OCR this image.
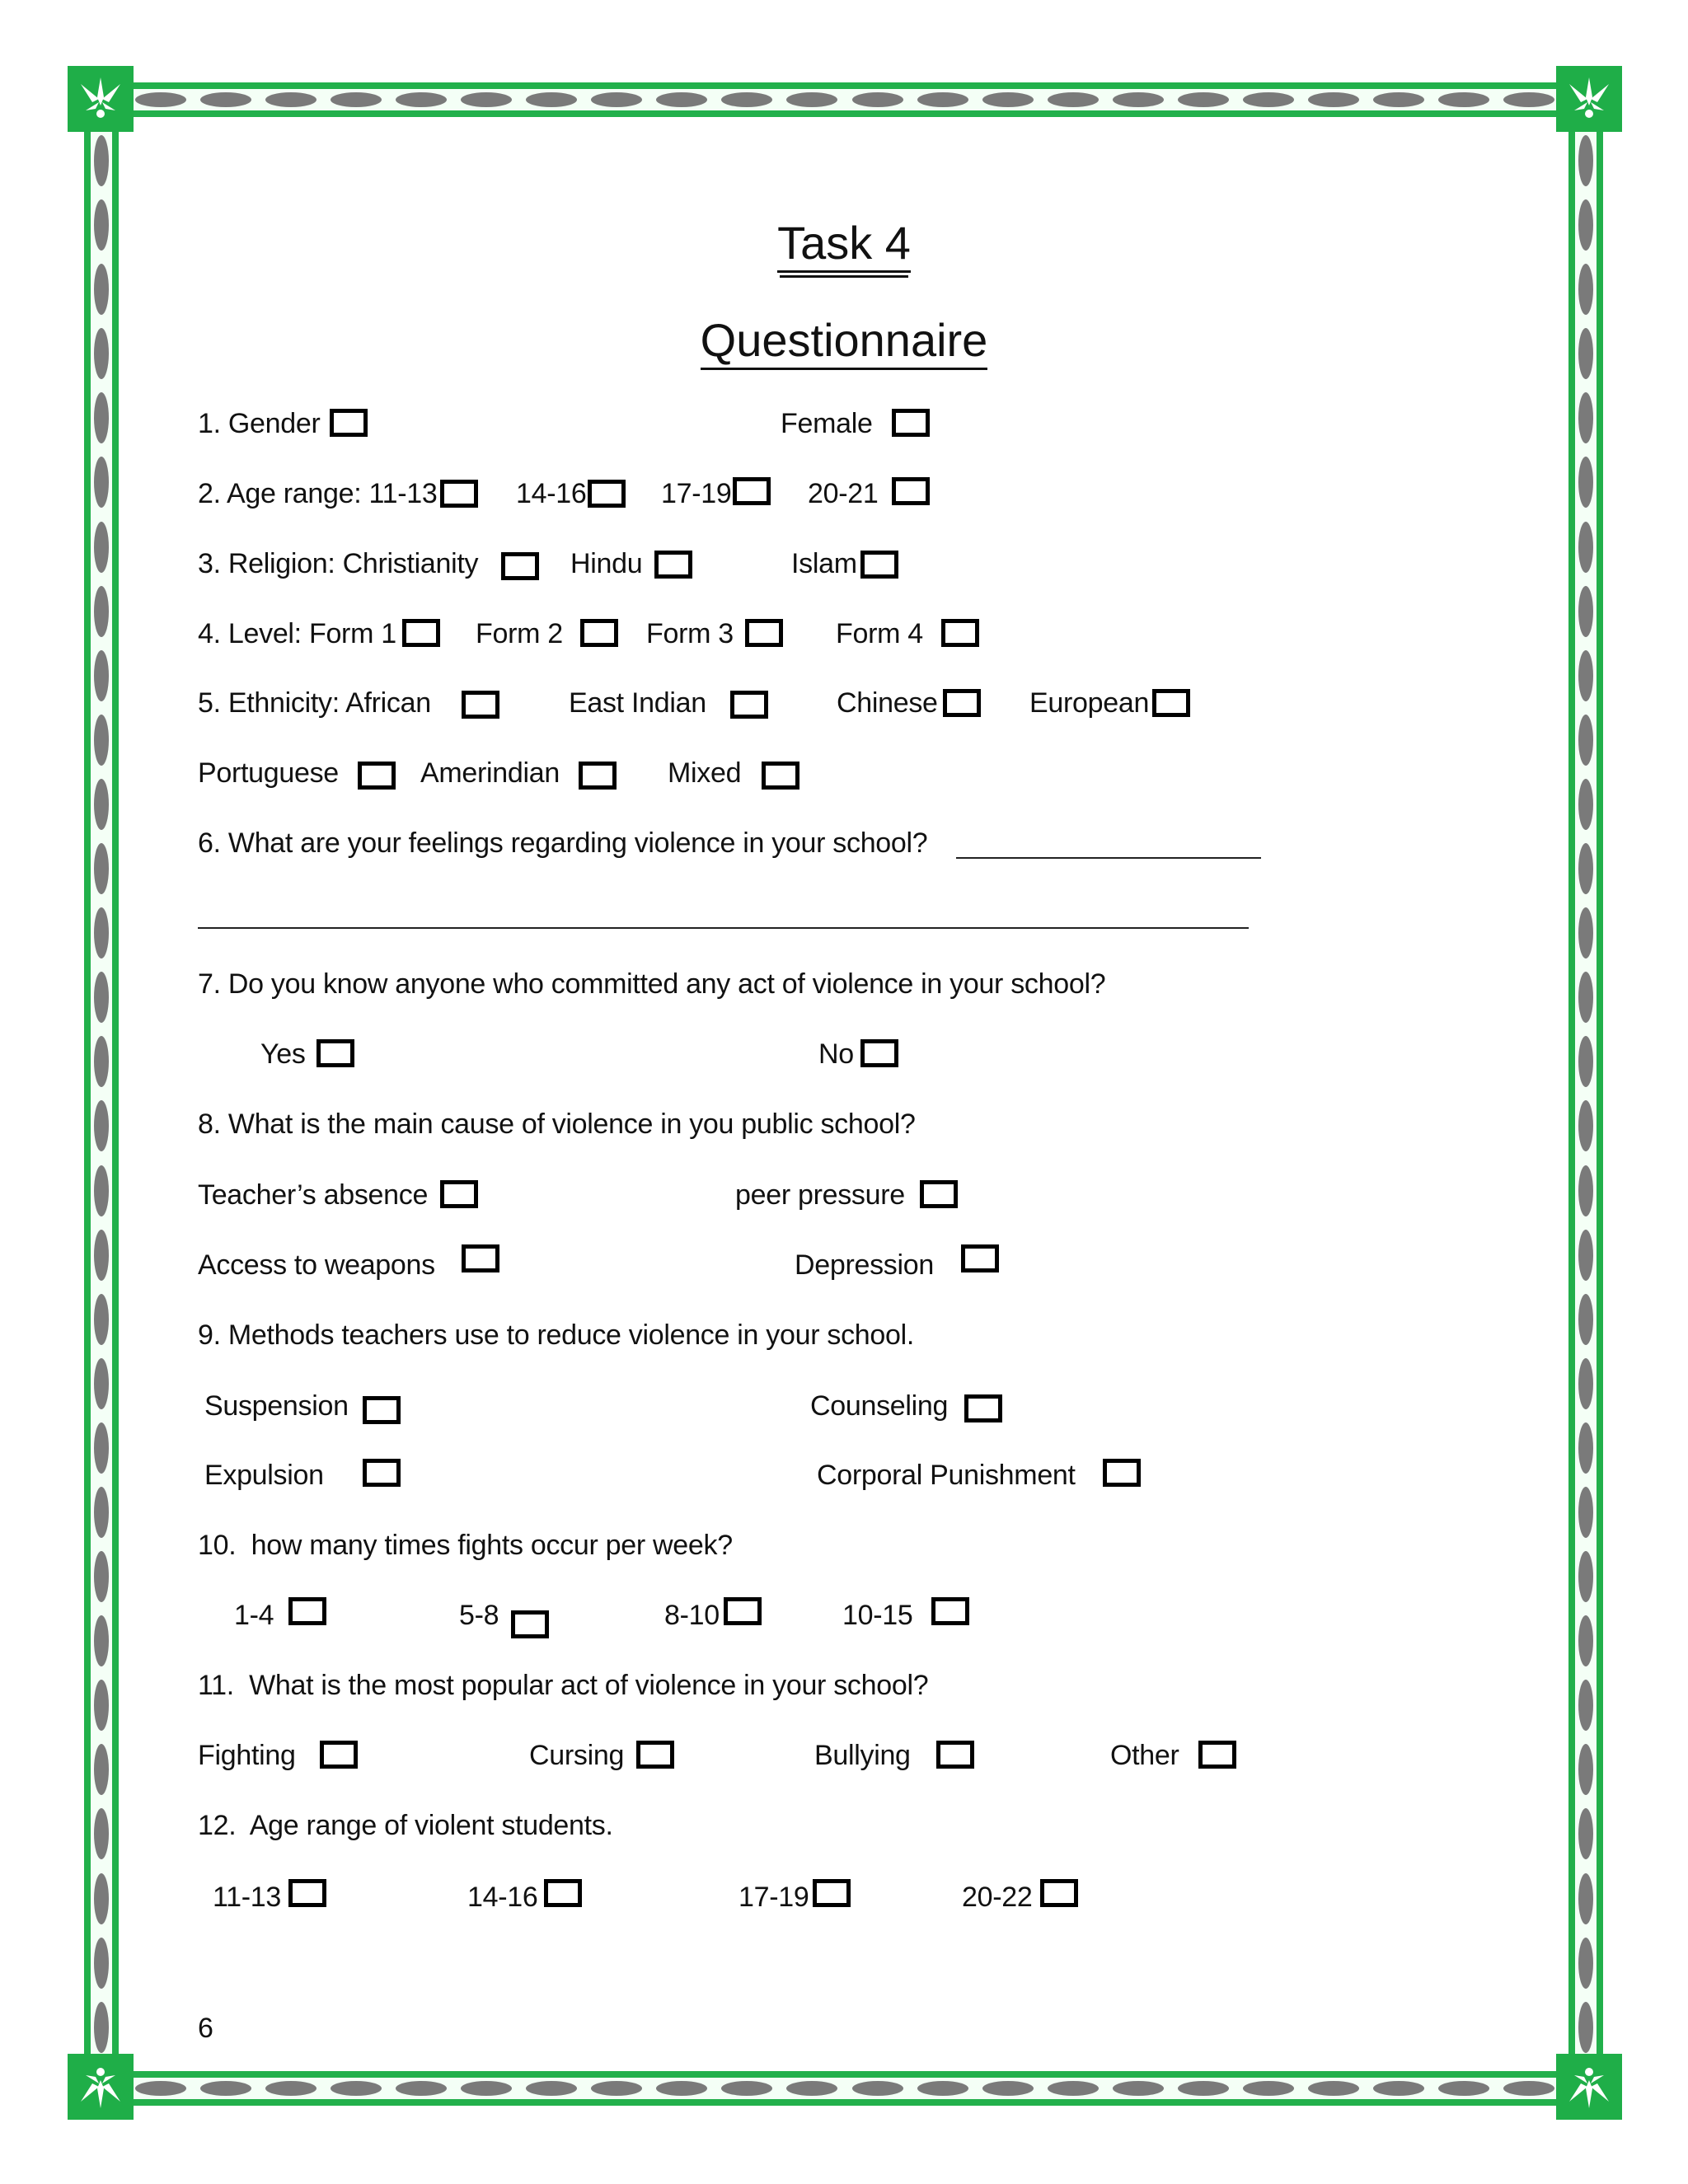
Task 4
Questionnaire
1. Gender	Female
2. Age range: 11-13	14-16	17-19	20-21
3. Religion: Christianity	Hindu	Islam
4. Level: Form 1	Form 2	Form 3	Form 4
5. Ethnicity: African	East Indian	Chinese	European
Portuguese	Amerindian	Mixed
6. What are your feelings regarding violence in your school?
7. Do you know anyone who committed any act of violence in your school?
Yes	No
8. What is the main cause of violence in you public school?
Teacher’s absence	peer pressure
Access to weapons	Depression
9. Methods teachers use to reduce violence in your school.
Suspension	Counseling
Expulsion	Corporal Punishment
10.  how many times fights occur per week?
1-4	5-8	8-10	10-15
11.  What is the most popular act of violence in your school?
Fighting	Cursing	Bullying	Other
12.  Age range of violent students.
11-13	14-16	17-19	20-22
6
